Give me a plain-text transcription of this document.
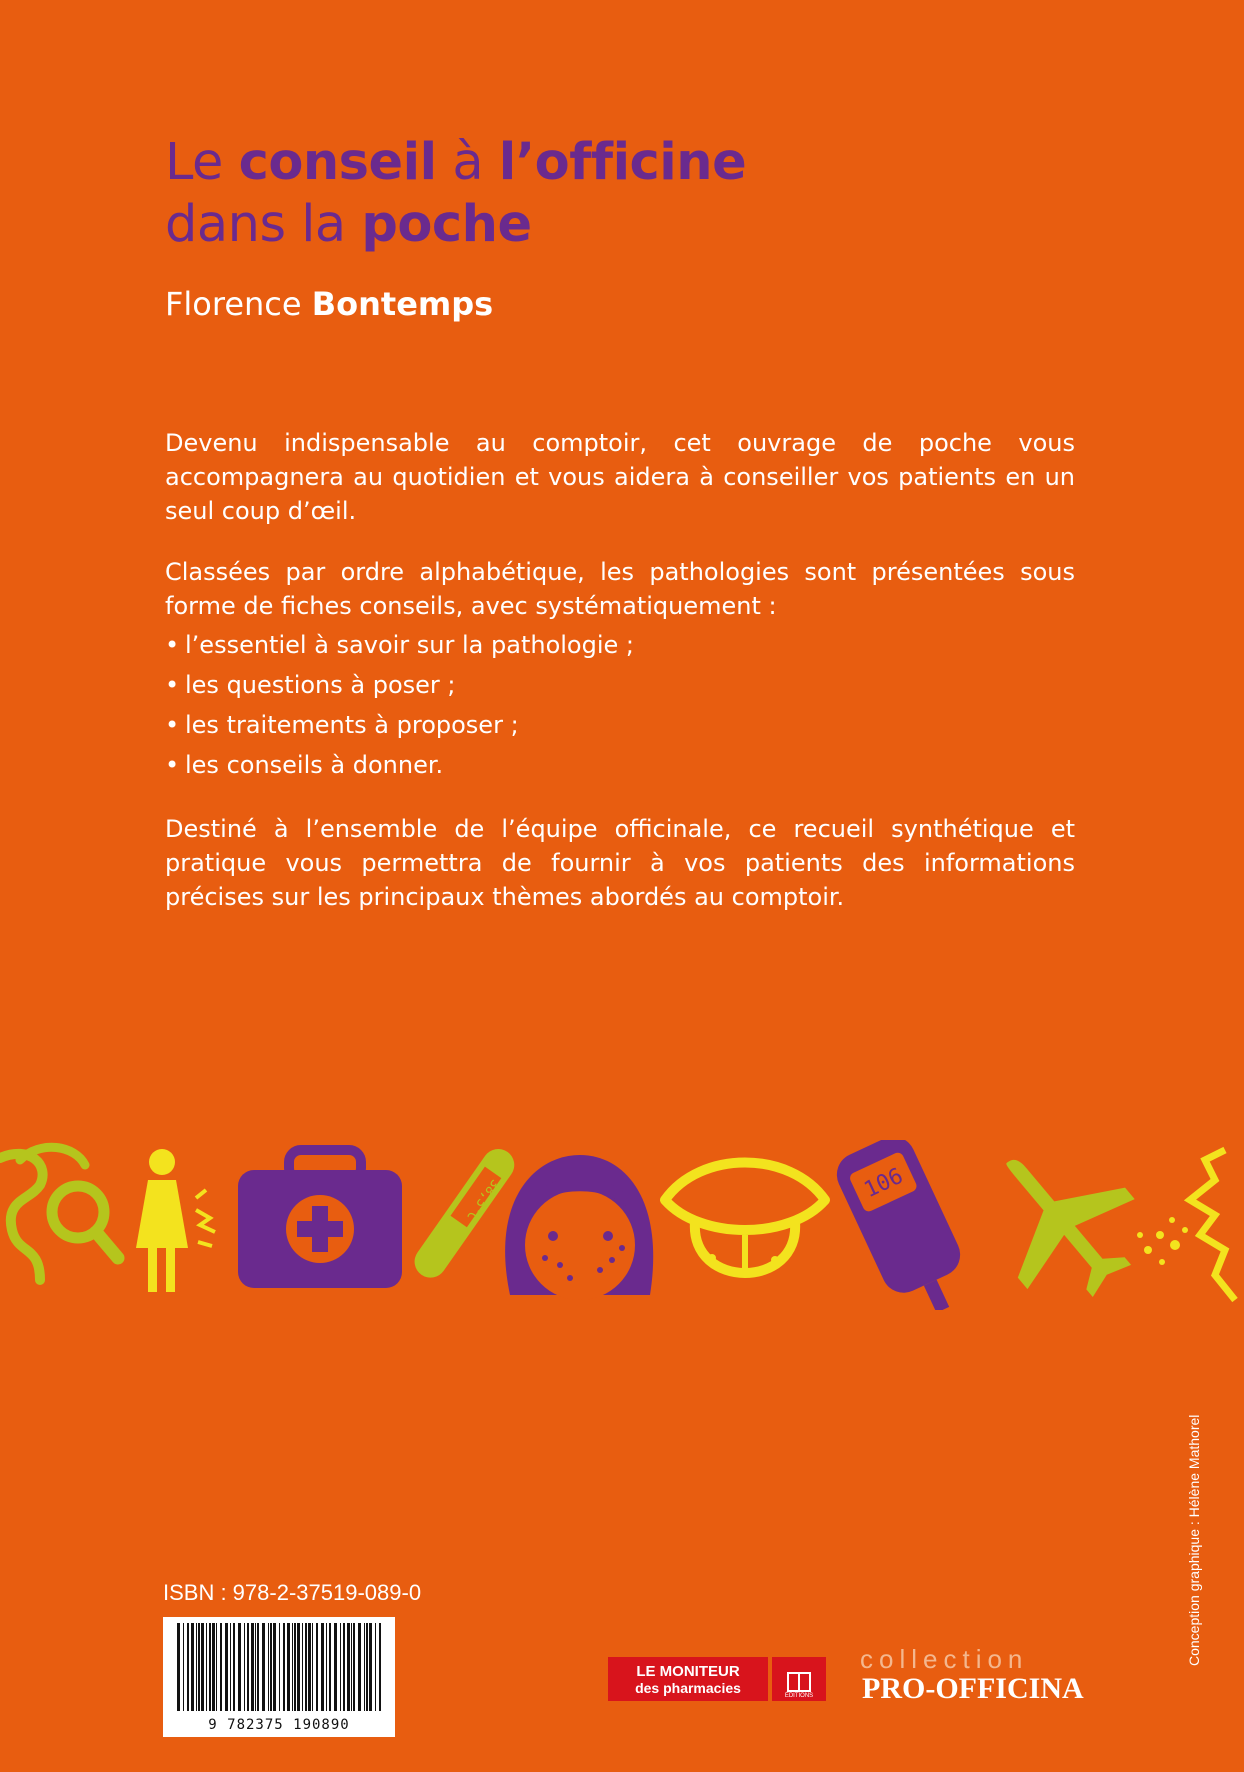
Le conseil à l’officine
dans la poche
Florence Bontemps
Devenu indispensable au comptoir, cet ouvrage de poche vous accompagnera au quotidien et vous aidera à conseiller vos patients en un seul coup d’œil.
Classées par ordre alphabétique, les pathologies sont présentées sous forme de fiches conseils, avec systématiquement :
• l’essentiel à savoir sur la pathologie ;
• les questions à poser ;
• les traitements à proposer ;
• les conseils à donner.
Destiné à l’ensemble de l’équipe officinale, ce recueil synthétique et pratique vous permettra de fournir à vos patients des informations précises sur les principaux thèmes abordés au comptoir.
38,5°C	106
ISBN : 978-2-37519-089-0
9 782375 190890
LE MONITEUR
des pharmacies
ÉDITIONS
collection
PRO-OFFICINA
Conception graphique : Hélène Mathorel
